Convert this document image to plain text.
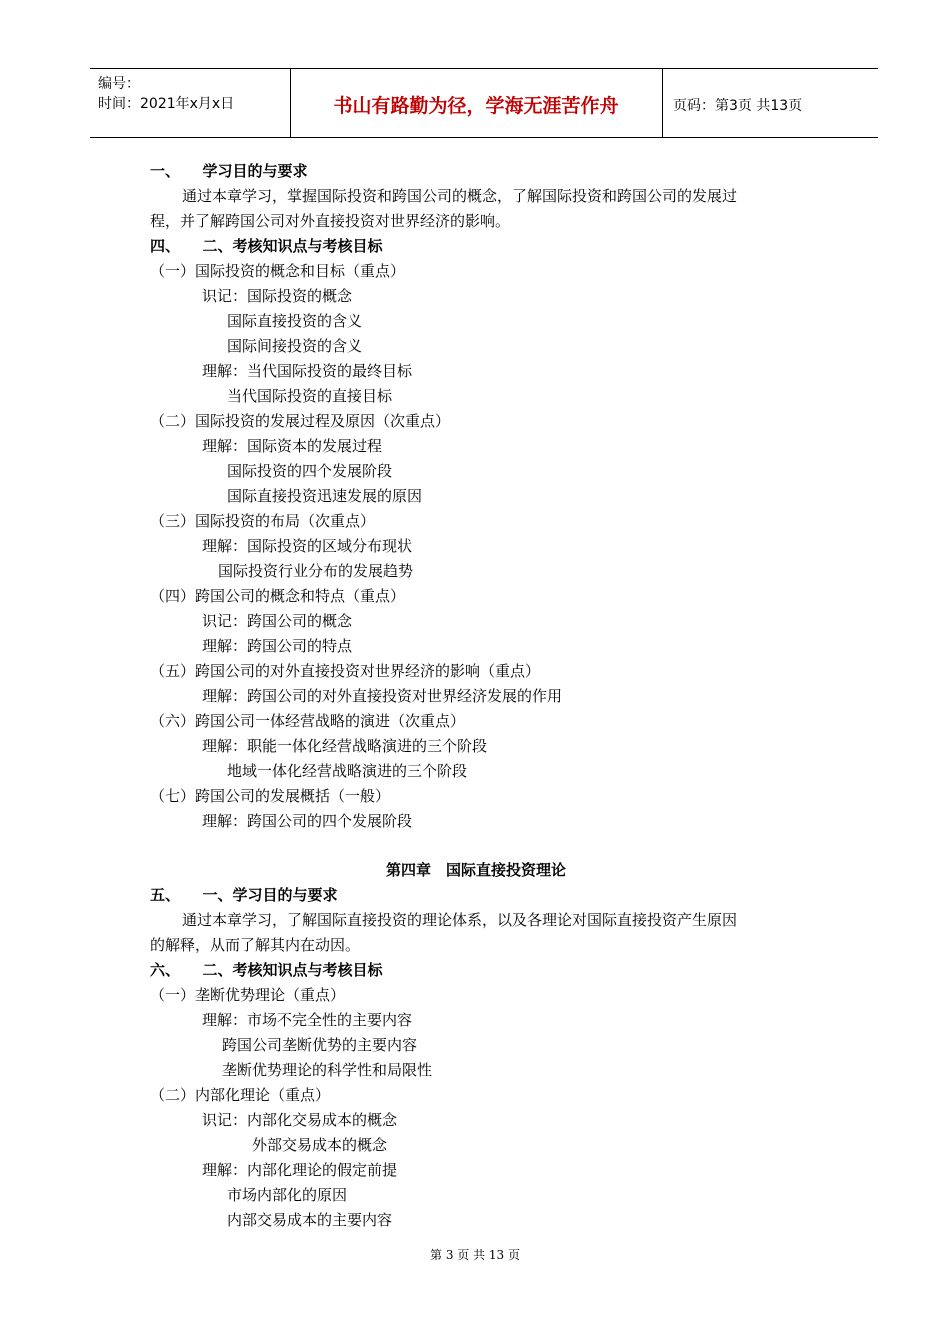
编号：
时间：2021年x月x日	书山有路勤为径，学海无涯苦作舟	页码：第3页 共13页
一、　　学习目的与要求
通过本章学习，掌握国际投资和跨国公司的概念，了解国际投资和跨国公司的发展过
程，并了解跨国公司对外直接投资对世界经济的影响。
四、　　二、考核知识点与考核目标
（一）国际投资的概念和目标（重点）
识记：国际投资的概念
国际直接投资的含义
国际间接投资的含义
理解：当代国际投资的最终目标
当代国际投资的直接目标
（二）国际投资的发展过程及原因（次重点）
理解：国际资本的发展过程
国际投资的四个发展阶段
国际直接投资迅速发展的原因
（三）国际投资的布局（次重点）
理解：国际投资的区域分布现状
国际投资行业分布的发展趋势
（四）跨国公司的概念和特点（重点）
识记：跨国公司的概念
理解：跨国公司的特点
（五）跨国公司的对外直接投资对世界经济的影响（重点）
理解：跨国公司的对外直接投资对世界经济发展的作用
（六）跨国公司一体经营战略的演进（次重点）
理解：职能一体化经营战略演进的三个阶段
地域一体化经营战略演进的三个阶段
（七）跨国公司的发展概括（一般）
理解：跨国公司的四个发展阶段
第四章　国际直接投资理论
五、　　一、学习目的与要求
通过本章学习，了解国际直接投资的理论体系，以及各理论对国际直接投资产生原因
的解释，从而了解其内在动因。
六、　　二、考核知识点与考核目标
（一）垄断优势理论（重点）
理解：市场不完全性的主要内容
跨国公司垄断优势的主要内容
垄断优势理论的科学性和局限性
（二）内部化理论（重点）
识记：内部化交易成本的概念
外部交易成本的概念
理解：内部化理论的假定前提
市场内部化的原因
内部交易成本的主要内容
第 3 页 共 13 页
